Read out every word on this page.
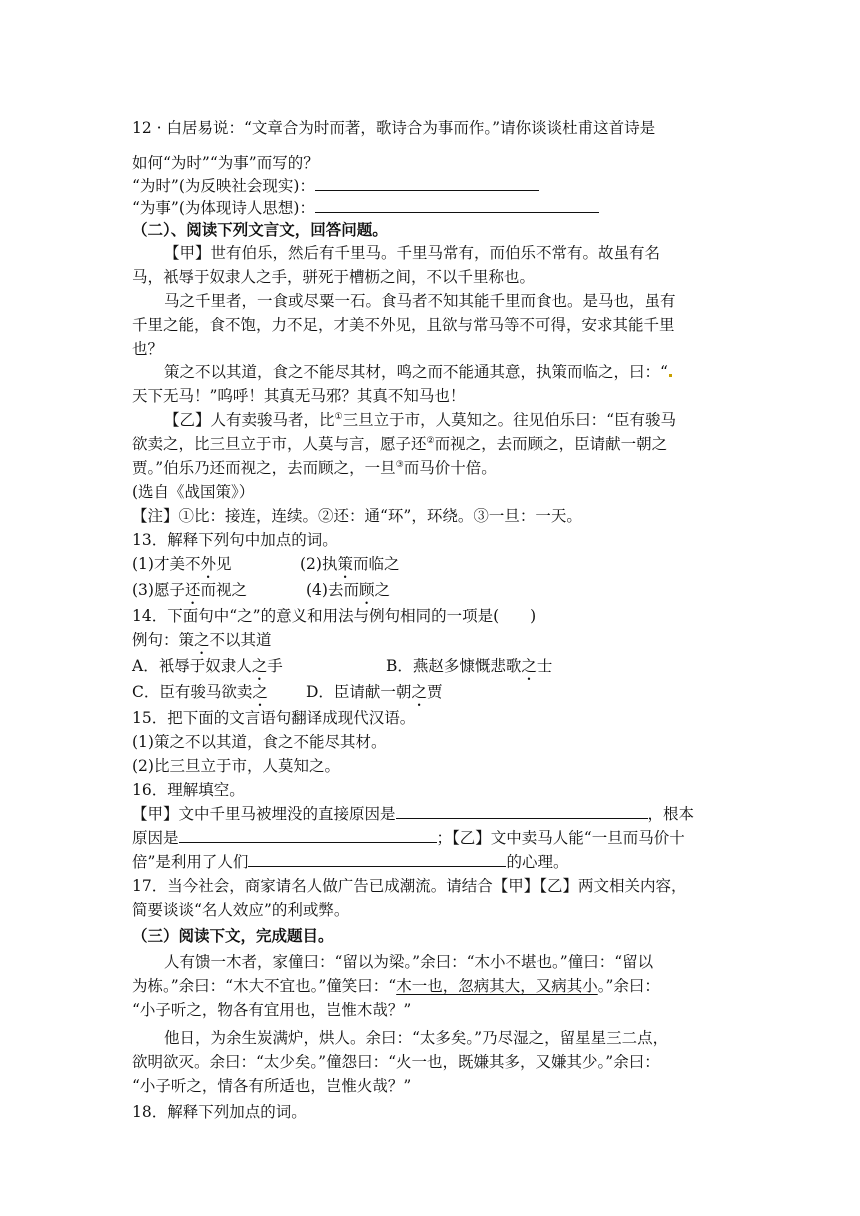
12 · 白居易说：“文章合为时而著，歌诗合为事而作。”请你谈谈杜甫这首诗是
如何“为时”“为事”而写的？
“为时”(为反映社会现实)：
“为事”(为体现诗人思想)：
（二）、阅读下列文言文，回答问题。
【甲】世有伯乐，然后有千里马。千里马常有，而伯乐不常有。故虽有名
马，衹辱于奴隶人之手，骈死于槽枥之间，不以千里称也。
马之千里者，一食或尽粟一石。食马者不知其能千里而食也。是马也，虽有
千里之能，食不饱，力不足，才美不外见，且欲与常马等不可得，安求其能千里
也？
策之不以其道，食之不能尽其材，鸣之而不能通其意，执策而临之，曰：“
天下无马！”呜呼！其真无马邪？其真不知马也！
【乙】人有卖骏马者，比①三旦立于市，人莫知之。往见伯乐曰：“臣有骏马
欲卖之，比三旦立于市，人莫与言，愿子还②而视之，去而顾之，臣请献一朝之
贾。”伯乐乃还而视之，去而顾之，一旦③而马价十倍。
(选自《战国策》）
【注】①比：接连，连续。②还：通“环”，环绕。③一旦：一天。
13．解释下列句中加点的词。
(1)才美不外见	(2)执策而临之
(3)愿子还而视之	(4)去而顾之
14．下面句中“之”的意义和用法与例句相同的一项是(　　)
例句：策之不以其道
A．衹辱于奴隶人之手	B．燕赵多慷慨悲歌之士
C．臣有骏马欲卖之 D．臣请献一朝之贾
15．把下面的文言语句翻译成现代汉语。
(1)策之不以其道，食之不能尽其材。
(2)比三旦立于市，人莫知之。
16．理解填空。
【甲】文中千里马被埋没的直接原因是	，根本
原因是	；【乙】文中卖马人能“一旦而马价十
倍”是利用了人们	的心理。
17．当今社会，商家请名人做广告已成潮流。请结合【甲】【乙】两文相关内容，
简要谈谈“名人效应”的利或弊。
（三）阅读下文，完成题目。
人有馈一木者，家僮曰：“留以为梁。”余曰：“木小不堪也。”僮曰：“留以
为栋。”余曰：“木大不宜也。”僮笑曰：“木一也，忽病其大，又病其小。”余曰：
“小子听之，物各有宜用也，岂惟木哉？”
他日，为余生炭满炉，烘人。余曰：“太多矣。”乃尽湿之，留星星三二点，
欲明欲灭。余曰：“太少矣。”僮怨曰：“火一也，既嫌其多，又嫌其少。”余曰：
“小子听之，情各有所适也，岂惟火哉？”
18．解释下列加点的词。
